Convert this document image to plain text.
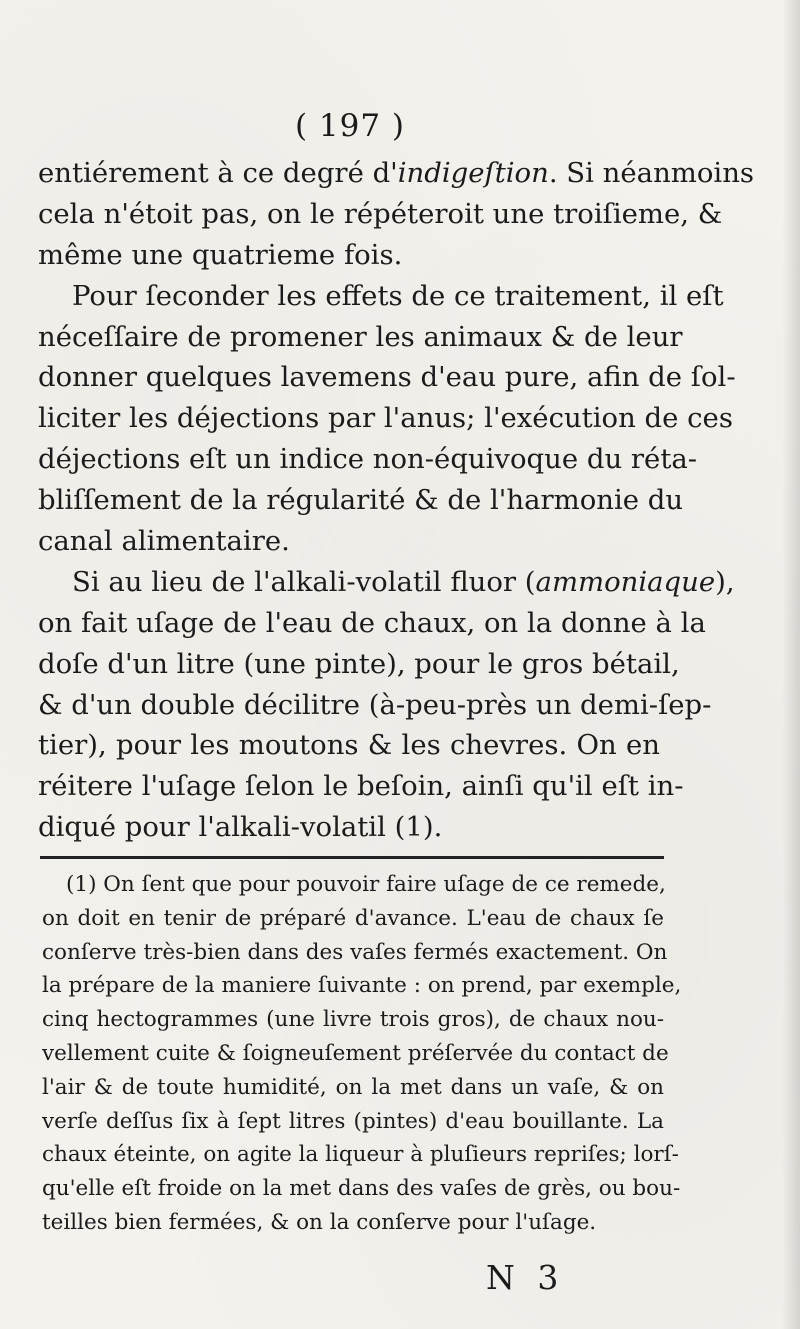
( 197 )
entiérement à ce degré d'indigeſtion. Si néanmoins
cela n'étoit pas, on le répéteroit une troiſieme, &
même une quatrieme fois.
Pour ſeconder les effets de ce traitement, il eſt
néceſſaire de promener les animaux & de leur
donner quelques lavemens d'eau pure, afin de ſol-
liciter les déjections par l'anus; l'exécution de ces
déjections eſt un indice non-équivoque du réta-
bliſſement de la régularité & de l'harmonie du
canal alimentaire.
Si au lieu de l'alkali-volatil fluor (ammoniaque),
on fait uſage de l'eau de chaux, on la donne à la
doſe d'un litre (une pinte), pour le gros bétail,
& d'un double décilitre (à-peu-près un demi-ſep-
tier), pour les moutons & les chevres. On en
réitere l'uſage ſelon le beſoin, ainſi qu'il eſt in-
diqué pour l'alkali-volatil (1).
(1) On ſent que pour pouvoir faire uſage de ce remede,
on doit en tenir de préparé d'avance. L'eau de chaux ſe
conſerve très-bien dans des vaſes fermés exactement. On
la prépare de la maniere ſuivante : on prend, par exemple,
cinq hectogrammes (une livre trois gros), de chaux nou-
vellement cuite & ſoigneuſement préſervée du contact de
l'air & de toute humidité, on la met dans un vaſe, & on
verſe deſſus ſix à ſept litres (pintes) d'eau bouillante. La
chaux éteinte, on agite la liqueur à pluſieurs repriſes; lorſ-
qu'elle eſt froide on la met dans des vaſes de grès, ou bou-
teilles bien fermées, & on la conſerve pour l'uſage.
N 3
